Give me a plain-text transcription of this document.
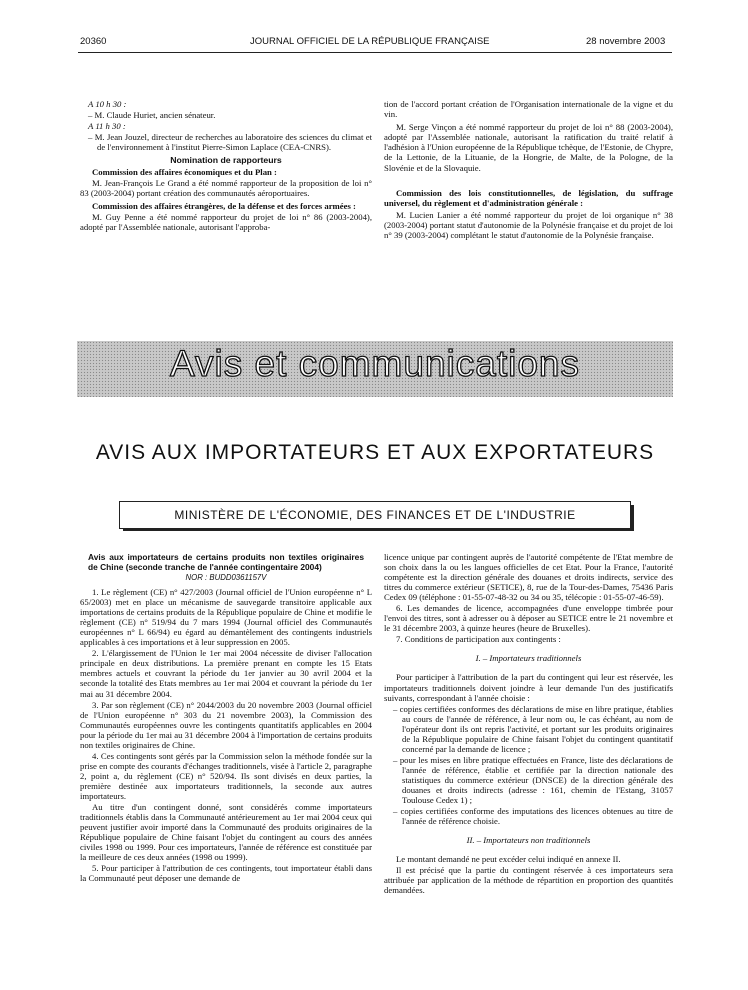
20360	JOURNAL OFFICIEL DE LA RÉPUBLIQUE FRANÇAISE	28 novembre 2003

A 10 h 30 :

– M. Claude Huriet, ancien sénateur.

A 11 h 30 :

– M. Jean Jouzel, directeur de recherches au laboratoire des sciences du climat et de l'environnement à l'institut Pierre-Simon Laplace (CEA-CNRS).

Nomination de rapporteurs

Commission des affaires économiques et du Plan :

M. Jean-François Le Grand a été nommé rapporteur de la proposition de loi n° 83 (2003-2004) portant création des communautés aéroportuaires.

Commission des affaires étrangères, de la défense et des forces armées :

M. Guy Penne a été nommé rapporteur du projet de loi n° 86 (2003-2004), adopté par l'Assemblée nationale, autorisant l'approba-

tion de l'accord portant création de l'Organisation internationale de la vigne et du vin.

M. Serge Vinçon a été nommé rapporteur du projet de loi n° 88 (2003-2004), adopté par l'Assemblée nationale, autorisant la ratification du traité relatif à l'adhésion à l'Union européenne de la République tchèque, de l'Estonie, de Chypre, de la Lettonie, de la Lituanie, de la Hongrie, de Malte, de la Pologne, de la Slovénie et de la Slovaquie.

Commission des lois constitutionnelles, de législation, du suffrage universel, du règlement et d'administration générale :

M. Lucien Lanier a été nommé rapporteur du projet de loi organique n° 38 (2003-2004) portant statut d'autonomie de la Polynésie française et du projet de loi n° 39 (2003-2004) complétant le statut d'autonomie de la Polynésie française.

Avis et communications
AVIS AUX IMPORTATEURS ET AUX EXPORTATEURS
MINISTÈRE DE L'ÉCONOMIE, DES FINANCES ET DE L'INDUSTRIE

Avis aux importateurs de certains produits non textiles originaires de Chine (seconde tranche de l'année contingentaire 2004)

NOR : BUDD0361157V

1. Le règlement (CE) n° 427/2003 (Journal officiel de l'Union européenne n° L 65/2003) met en place un mécanisme de sauvegarde transitoire applicable aux importations de certains produits de la République populaire de Chine et modifie le règlement (CE) n° 519/94 du 7 mars 1994 (Journal officiel des Communautés européennes n° L 66/94) eu égard au démantèlement des contingents industriels applicables à ces importations et à leur suppression en 2005.

2. L'élargissement de l'Union le 1er mai 2004 nécessite de diviser l'allocation principale en deux distributions. La première prenant en compte les 15 Etats membres actuels et couvrant la période du 1er janvier au 30 avril 2004 et la seconde la totalité des Etats membres au 1er mai 2004 et couvrant la période du 1er mai au 31 décembre 2004.

3. Par son règlement (CE) n° 2044/2003 du 20 novembre 2003 (Journal officiel de l'Union européenne n° 303 du 21 novembre 2003), la Commission des Communautés européennes ouvre les contingents quantitatifs applicables en 2004 pour la période du 1er mai au 31 décembre 2004 à l'importation de certains produits non textiles originaires de Chine.

4. Ces contingents sont gérés par la Commission selon la méthode fondée sur la prise en compte des courants d'échanges traditionnels, visée à l'article 2, paragraphe 2, point a, du règlement (CE) n° 520/94. Ils sont divisés en deux parties, la première destinée aux importateurs traditionnels, la seconde aux autres importateurs.

Au titre d'un contingent donné, sont considérés comme importateurs traditionnels établis dans la Communauté antérieurement au 1er mai 2004 ceux qui peuvent justifier avoir importé dans la Communauté des produits originaires de la République populaire de Chine faisant l'objet du contingent au cours des années civiles 1998 ou 1999. Pour ces importateurs, l'année de référence est constituée par la meilleure de ces deux années (1998 ou 1999).

5. Pour participer à l'attribution de ces contingents, tout importateur établi dans la Communauté peut déposer une demande de

licence unique par contingent auprès de l'autorité compétente de l'Etat membre de son choix dans la ou les langues officielles de cet Etat. Pour la France, l'autorité compétente est la direction générale des douanes et droits indirects, service des titres du commerce extérieur (SETICE), 8, rue de la Tour-des-Dames, 75436 Paris Cedex 09 (téléphone : 01-55-07-48-32 ou 34 ou 35, télécopie : 01-55-07-46-59).

6. Les demandes de licence, accompagnées d'une enveloppe timbrée pour l'envoi des titres, sont à adresser ou à déposer au SETICE entre le 21 novembre et le 31 décembre 2003, à quinze heures (heure de Bruxelles).

7. Conditions de participation aux contingents :

I. – Importateurs traditionnels

Pour participer à l'attribution de la part du contingent qui leur est réservée, les importateurs traditionnels doivent joindre à leur demande l'un des justificatifs suivants, correspondant à l'année choisie :

– copies certifiées conformes des déclarations de mise en libre pratique, établies au cours de l'année de référence, à leur nom ou, le cas échéant, au nom de l'opérateur dont ils ont repris l'activité, et portant sur les produits originaires de la République populaire de Chine faisant l'objet du contingent quantitatif concerné par la demande de licence ;

– pour les mises en libre pratique effectuées en France, liste des déclarations de l'année de référence, établie et certifiée par la direction nationale des statistiques du commerce extérieur (DNSCE) de la direction générale des douanes et droits indirects (adresse : 161, chemin de l'Estang, 31057 Toulouse Cedex 1) ;

– copies certifiées conforme des imputations des licences obtenues au titre de l'année de référence choisie.

II. – Importateurs non traditionnels

Le montant demandé ne peut excéder celui indiqué en annexe II.

Il est précisé que la partie du contingent réservée à ces importateurs sera attribuée par application de la méthode de répartition en proportion des quantités demandées.
